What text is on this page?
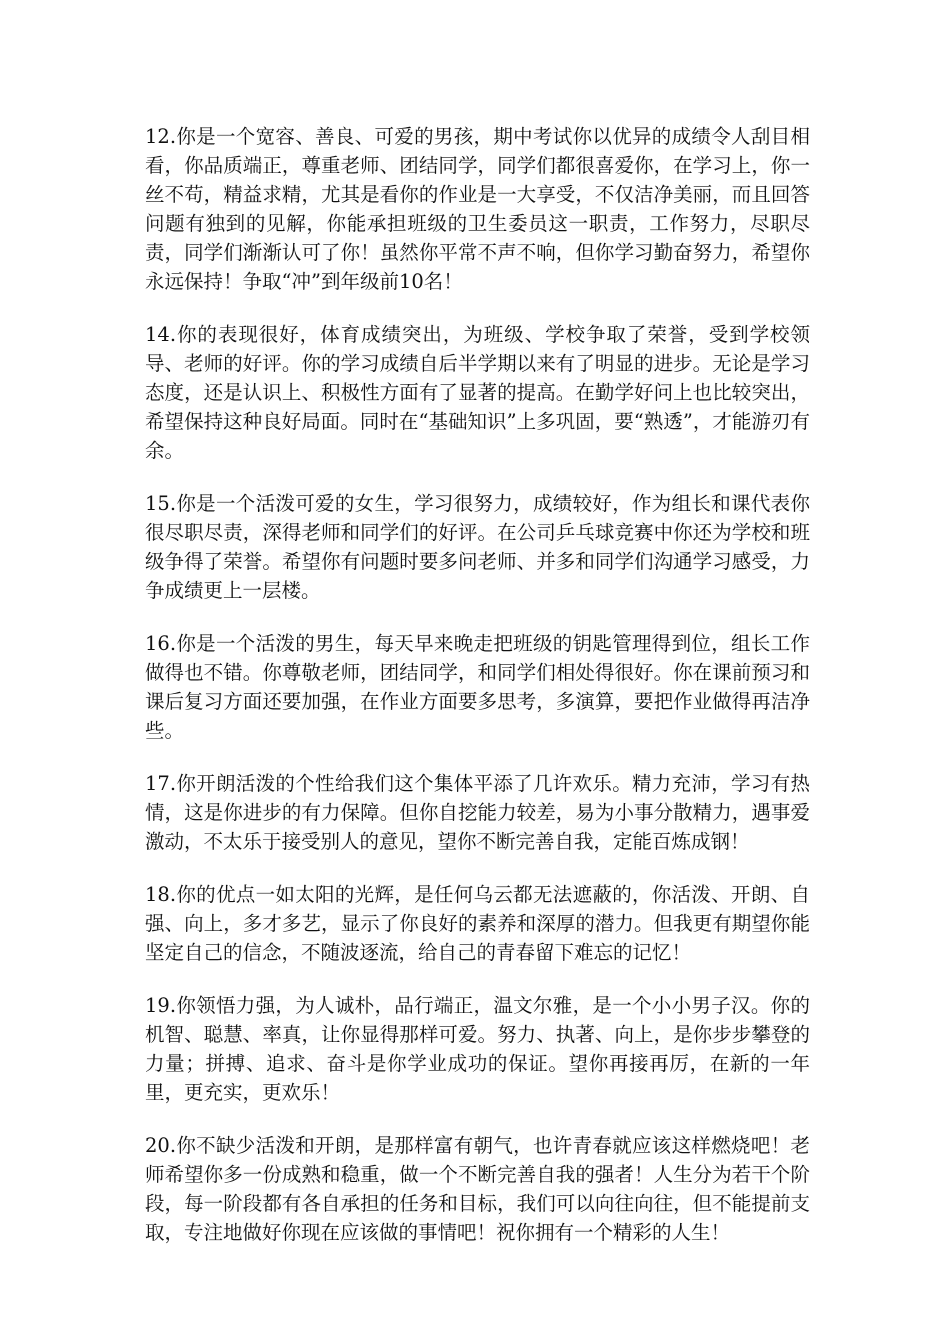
12.你是一个宽容、善良、可爱的男孩，期中考试你以优异的成绩令人刮目相看，你品质端正，尊重老师、团结同学，同学们都很喜爱你，在学习上，你一丝不苟，精益求精，尤其是看你的作业是一大享受，不仅洁净美丽，而且回答问题有独到的见解，你能承担班级的卫生委员这一职责，工作努力，尽职尽责，同学们渐渐认可了你！虽然你平常不声不响，但你学习勤奋努力，希望你永远保持！争取“冲”到年级前10名！

14.你的表现很好，体育成绩突出，为班级、学校争取了荣誉，受到学校领导、老师的好评。你的学习成绩自后半学期以来有了明显的进步。无论是学习态度，还是认识上、积极性方面有了显著的提高。在勤学好问上也比较突出，希望保持这种良好局面。同时在“基础知识”上多巩固，要“熟透”，才能游刃有余。

15.你是一个活泼可爱的女生，学习很努力，成绩较好，作为组长和课代表你很尽职尽责，深得老师和同学们的好评。在公司乒乓球竞赛中你还为学校和班级争得了荣誉。希望你有问题时要多问老师、并多和同学们沟通学习感受，力争成绩更上一层楼。

16.你是一个活泼的男生，每天早来晚走把班级的钥匙管理得到位，组长工作做得也不错。你尊敬老师，团结同学，和同学们相处得很好。你在课前预习和课后复习方面还要加强，在作业方面要多思考，多演算，要把作业做得再洁净些。

17.你开朗活泼的个性给我们这个集体平添了几许欢乐。精力充沛，学习有热情，这是你进步的有力保障。但你自挖能力较差，易为小事分散精力，遇事爱激动，不太乐于接受别人的意见，望你不断完善自我，定能百炼成钢！

18.你的优点一如太阳的光辉，是任何乌云都无法遮蔽的，你活泼、开朗、自强、向上，多才多艺，显示了你良好的素养和深厚的潜力。但我更有期望你能坚定自己的信念，不随波逐流，给自己的青春留下难忘的记忆！

19.你领悟力强，为人诚朴，品行端正，温文尔雅，是一个小小男子汉。你的机智、聪慧、率真，让你显得那样可爱。努力、执著、向上，是你步步攀登的力量；拼搏、追求、奋斗是你学业成功的保证。望你再接再厉，在新的一年里，更充实，更欢乐！

20.你不缺少活泼和开朗，是那样富有朝气，也许青春就应该这样燃烧吧！老师希望你多一份成熟和稳重，做一个不断完善自我的强者！人生分为若干个阶段，每一阶段都有各自承担的任务和目标，我们可以向往向往，但不能提前支取，专注地做好你现在应该做的事情吧！祝你拥有一个精彩的人生！
